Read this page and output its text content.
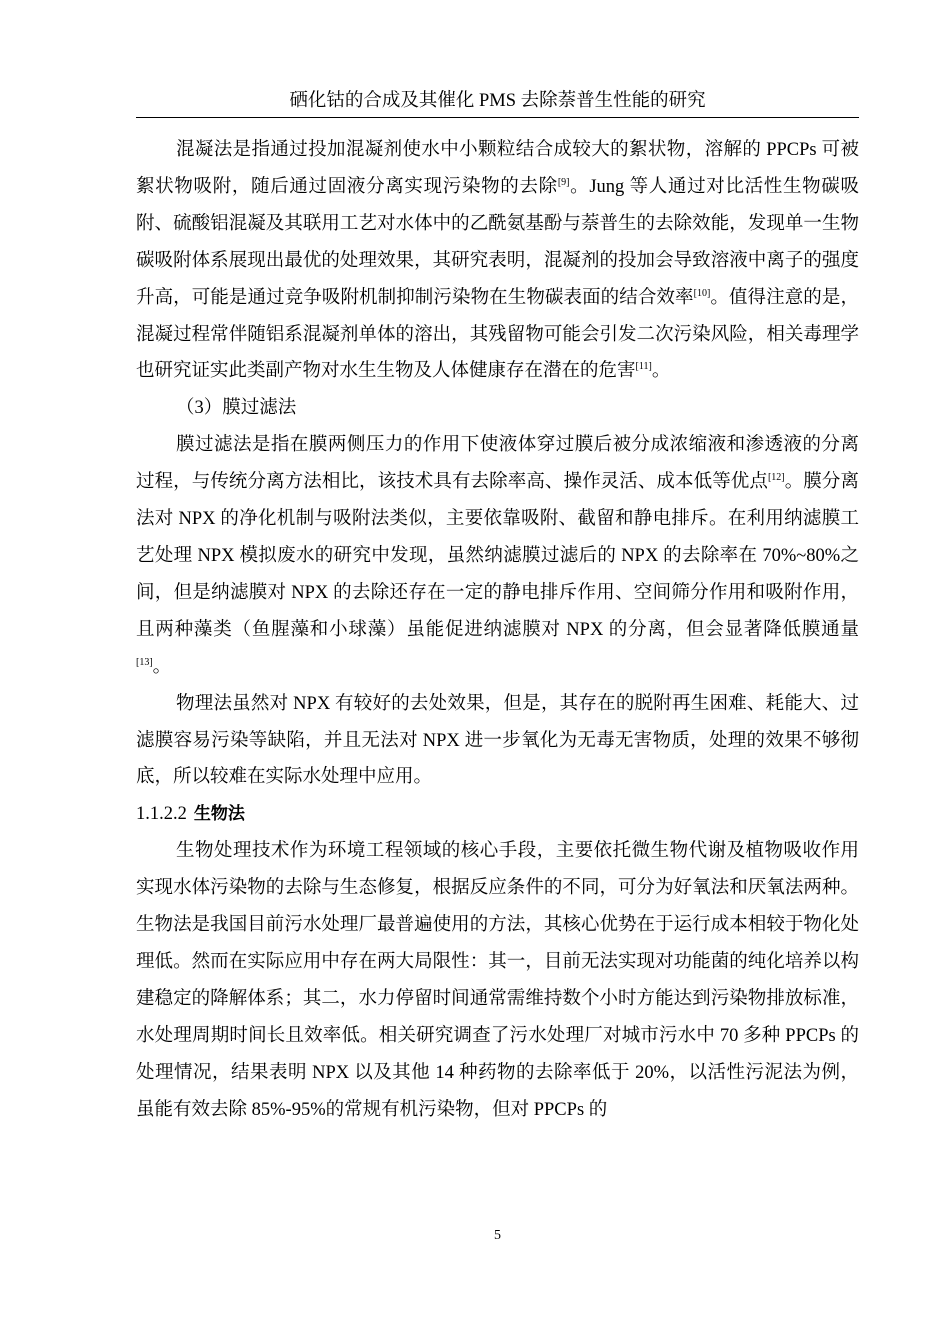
硒化钴的合成及其催化 PMS 去除萘普生性能的研究

混凝法是指通过投加混凝剂使水中小颗粒结合成较大的絮状物，溶解的 PPCPs 可被絮状物吸附，随后通过固液分离实现污染物的去除[9]。Jung 等人通过对比活性生物碳吸附、硫酸铝混凝及其联用工艺对水体中的乙酰氨基酚与萘普生的去除效能，发现单一生物碳吸附体系展现出最优的处理效果，其研究表明，混凝剂的投加会导致溶液中离子的强度升高，可能是通过竞争吸附机制抑制污染物在生物碳表面的结合效率[10]。值得注意的是，混凝过程常伴随铝系混凝剂单体的溶出，其残留物可能会引发二次污染风险，相关毒理学也研究证实此类副产物对水生生物及人体健康存在潜在的危害[11]。

（3）膜过滤法

膜过滤法是指在膜两侧压力的作用下使液体穿过膜后被分成浓缩液和渗透液的分离过程，与传统分离方法相比，该技术具有去除率高、操作灵活、成本低等优点[12]。膜分离法对 NPX 的净化机制与吸附法类似，主要依靠吸附、截留和静电排斥。在利用纳滤膜工艺处理 NPX 模拟废水的研究中发现，虽然纳滤膜过滤后的 NPX 的去除率在 70%~80%之间，但是纳滤膜对 NPX 的去除还存在一定的静电排斥作用、空间筛分作用和吸附作用，且两种藻类（鱼腥藻和小球藻）虽能促进纳滤膜对 NPX 的分离，但会显著降低膜通量[13]。

物理法虽然对 NPX 有较好的去处效果，但是，其存在的脱附再生困难、耗能大、过滤膜容易污染等缺陷，并且无法对 NPX 进一步氧化为无毒无害物质，处理的效果不够彻底，所以较难在实际水处理中应用。

1.1.2.2 生物法

生物处理技术作为环境工程领域的核心手段，主要依托微生物代谢及植物吸收作用实现水体污染物的去除与生态修复，根据反应条件的不同，可分为好氧法和厌氧法两种。生物法是我国目前污水处理厂最普遍使用的方法，其核心优势在于运行成本相较于物化处理低。然而在实际应用中存在两大局限性：其一，目前无法实现对功能菌的纯化培养以构建稳定的降解体系；其二，水力停留时间通常需维持数个小时方能达到污染物排放标准，水处理周期时间长且效率低。相关研究调查了污水处理厂对城市污水中 70 多种 PPCPs 的处理情况，结果表明 NPX 以及其他 14 种药物的去除率低于 20%，以活性污泥法为例，虽能有效去除 85%-95%的常规有机污染物，但对 PPCPs 的

5
